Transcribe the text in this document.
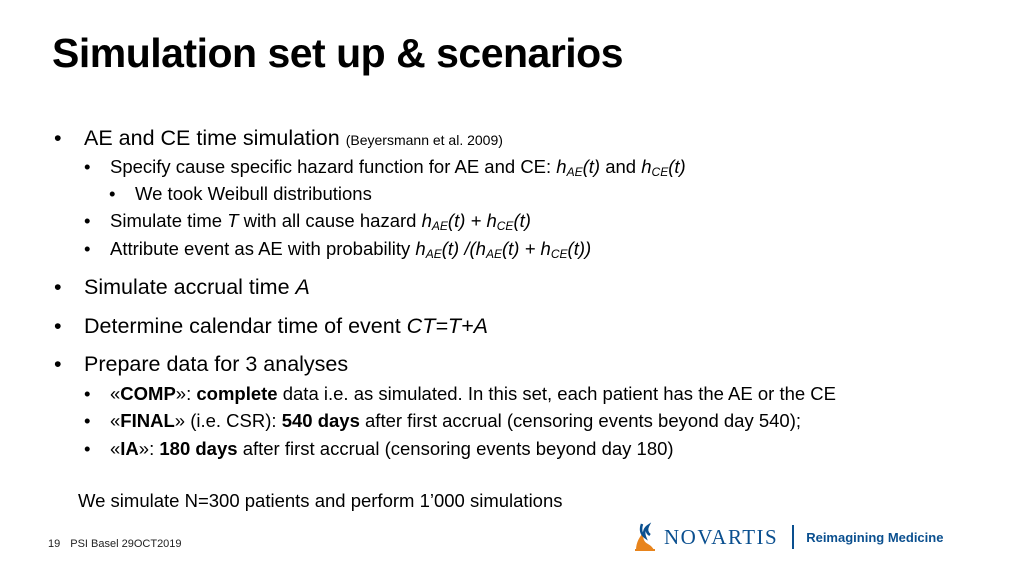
Simulation set up & scenarios
• AE and CE time simulation (Beyersmann et al. 2009)
• Specify cause specific hazard function for AE and CE: $h_{AE}(t)$ and $h_{CE}(t)$
• We took Weibull distributions
• Simulate time T with all cause hazard $h_{AE}(t) + h_{CE}(t)$
• Attribute event as AE with probability $h_{AE}(t) /(h_{AE}(t) + h_{CE}(t))$
• Simulate accrual time A
• Determine calendar time of event CT=T+A
• Prepare data for 3 analyses
• «COMP»: complete data i.e. as simulated. In this set, each patient has the AE or the CE
• «FINAL» (i.e. CSR): 540 days after first accrual (censoring events beyond day 540);
• «IA»: 180 days after first accrual (censoring events beyond day 180)
We simulate N=300 patients and perform 1’000 simulations
19 PSI Basel 29OCT2019	NOVARTIS Reimagining Medicine
